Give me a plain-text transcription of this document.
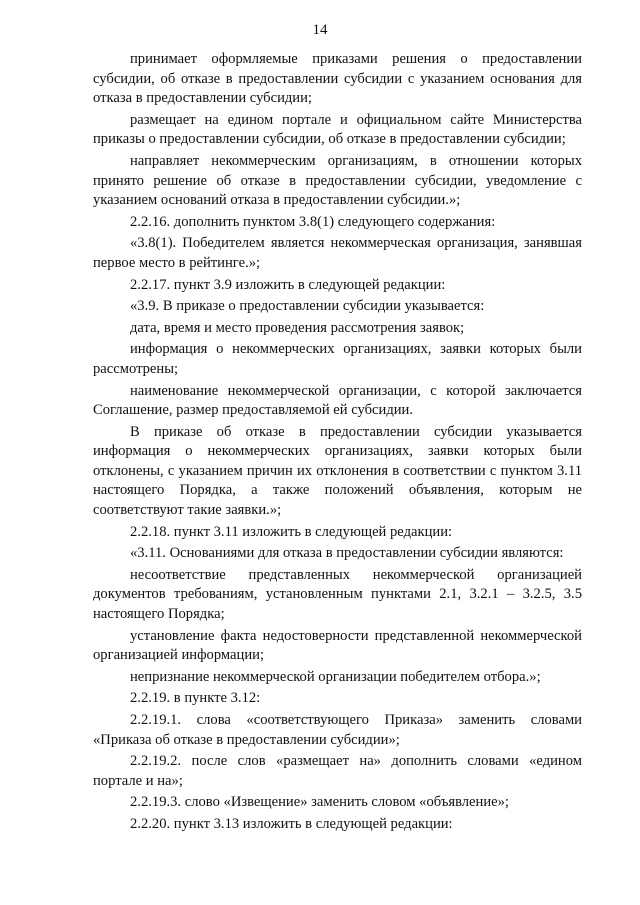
14

принимает оформляемые приказами решения о предоставлении субсидии, об отказе в предоставлении субсидии с указанием основания для отказа в предоставлении субсидии;

размещает на едином портале и официальном сайте Министерства приказы о предоставлении субсидии, об отказе в предоставлении субсидии;

направляет некоммерческим организациям, в отношении которых принято решение об отказе в предоставлении субсидии, уведомление с указанием оснований отказа в предоставлении субсидии.»;

2.2.16. дополнить пунктом 3.8(1) следующего содержания:

«3.8(1). Победителем является некоммерческая организация, занявшая первое место в рейтинге.»;

2.2.17. пункт 3.9 изложить в следующей редакции:

«3.9. В приказе о предоставлении субсидии указывается:

дата, время и место проведения рассмотрения заявок;

информация о некоммерческих организациях, заявки которых были рассмотрены;

наименование некоммерческой организации, с которой заключается Соглашение, размер предоставляемой ей субсидии.

В приказе об отказе в предоставлении субсидии указывается информация о некоммерческих организациях, заявки которых были отклонены, с указанием причин их отклонения в соответствии с пунктом 3.11 настоящего Порядка, а также положений объявления, которым не соответствуют такие заявки.»;

2.2.18. пункт 3.11 изложить в следующей редакции:

«3.11. Основаниями для отказа в предоставлении субсидии являются:

несоответствие представленных некоммерческой организацией документов требованиям, установленным пунктами 2.1, 3.2.1 – 3.2.5, 3.5 настоящего Порядка;

установление факта недостоверности представленной некоммерческой организацией информации;

непризнание некоммерческой организации победителем отбора.»;

2.2.19. в пункте 3.12:

2.2.19.1. слова «соответствующего Приказа» заменить словами «Приказа об отказе в предоставлении субсидии»;

2.2.19.2. после слов «размещает на» дополнить словами «едином портале и на»;

2.2.19.3. слово «Извещение» заменить словом «объявление»;

2.2.20. пункт 3.13 изложить в следующей редакции:
